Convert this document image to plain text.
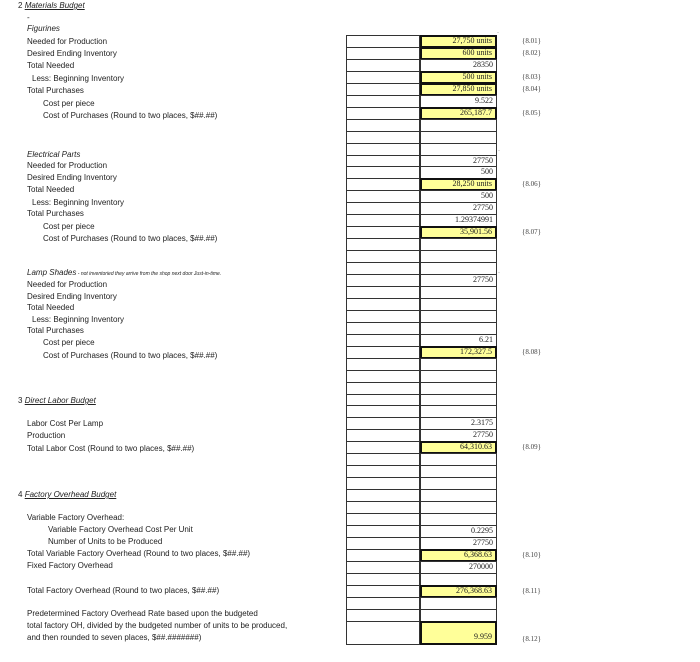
2 Materials Budget
-
Figurines
Needed for Production
Desired Ending Inventory
Total Needed
Less: Beginning Inventory
Total Purchases
Cost per piece
Cost of Purchases (Round to two places, $##.##)
Electrical Parts
Needed for Production
Desired Ending Inventory
Total Needed
Less: Beginning Inventory
Total Purchases
Cost per piece
Cost of Purchases (Round to two places, $##.##)
Lamp Shades - not inventoried they arrive from the shop next door Just-in-time.
Needed for Production
Desired Ending Inventory
Total Needed
Less: Beginning Inventory
Total Purchases
Cost per piece
Cost of Purchases (Round to two places, $##.##)
3 Direct Labor Budget
Labor Cost Per Lamp
Production
Total Labor Cost (Round to two places, $##.##)
4 Factory Overhead Budget
Variable Factory Overhead:
Variable Factory Overhead Cost Per Unit
Number of Units to be Produced
Total Variable Factory Overhead (Round to two places, $##.##)
Fixed Factory Overhead
Total Factory Overhead (Round to two places, $##.##)
Predetermined Factory Overhead Rate based upon the budgeted
total factory OH, divided by the budgeted number of units to be produced,
and then rounded to seven places, $##.#######)
·
·
·
27,750 units
600 units
28350
500 units
27,850 units
9.522
265,187.7
27750
500
28,250 units
500
27750
1.29374991
35,901.56
27750
6.21
172,327.5
2.3175
27750
64,310.63
0.2295
27750
6,368.63
270000
276,368.63
9.959
{8.01}
{8.02}
{8.03}
{8.04}
{8.05}
{8.06}
{8.07}
{8.08}
{8.09}
{8.10}
{8.11}
{8.12}
